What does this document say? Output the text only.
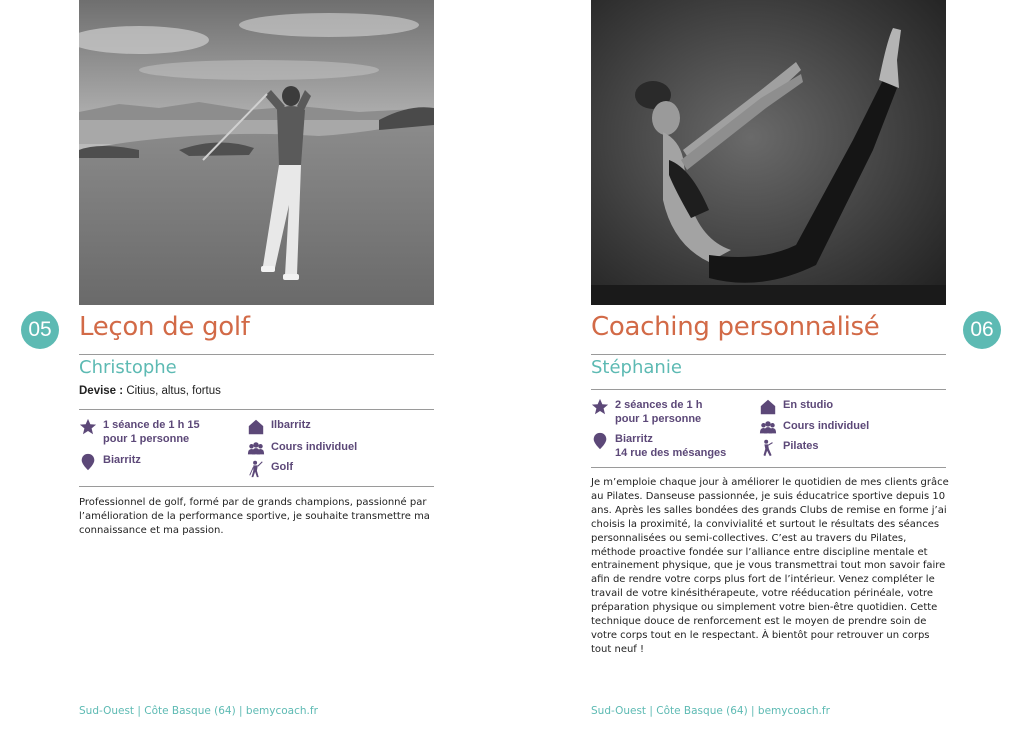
Leçon de golf
Christophe
Devise : Citius, altus, fortus
1 séance de 1 h 15
pour 1 personne
Biarritz
Ilbarritz
Cours individuel
Golf
Professionnel de golf, formé par de grands champions, passionné par l’amélioration de la performance sportive, je souhaite transmettre ma connaissance et ma passion.
Sud-Ouest | Côte Basque (64) | bemycoach.fr
05	Coaching personnalisé
Stéphanie
2 séances de 1 h
pour 1 personne
Biarritz
14 rue des mésanges
En studio
Cours individuel
Pilates
Je m’emploie chaque jour à améliorer le quotidien de mes clients grâce au Pilates. Danseuse passionnée, je suis éducatrice sportive depuis 10 ans. Après les salles bondées des grands Clubs de remise en forme j’ai choisis la proximité, la convivialité et surtout le résultats des séances personnalisées ou semi-collectives. C’est au travers du Pilates, méthode proactive fondée sur l’alliance entre discipline mentale et entrainement physique, que je vous transmettrai tout mon savoir faire afin de rendre votre corps plus fort de l’intérieur. Venez compléter le travail de votre kinésithérapeute, votre rééducation périnéale, votre préparation physique ou simplement votre bien-être quotidien. Cette technique douce de renforcement est le moyen de prendre soin de votre corps tout en le respectant. À bientôt pour retrouver un corps tout neuf !
Sud-Ouest | Côte Basque (64) | bemycoach.fr
06
